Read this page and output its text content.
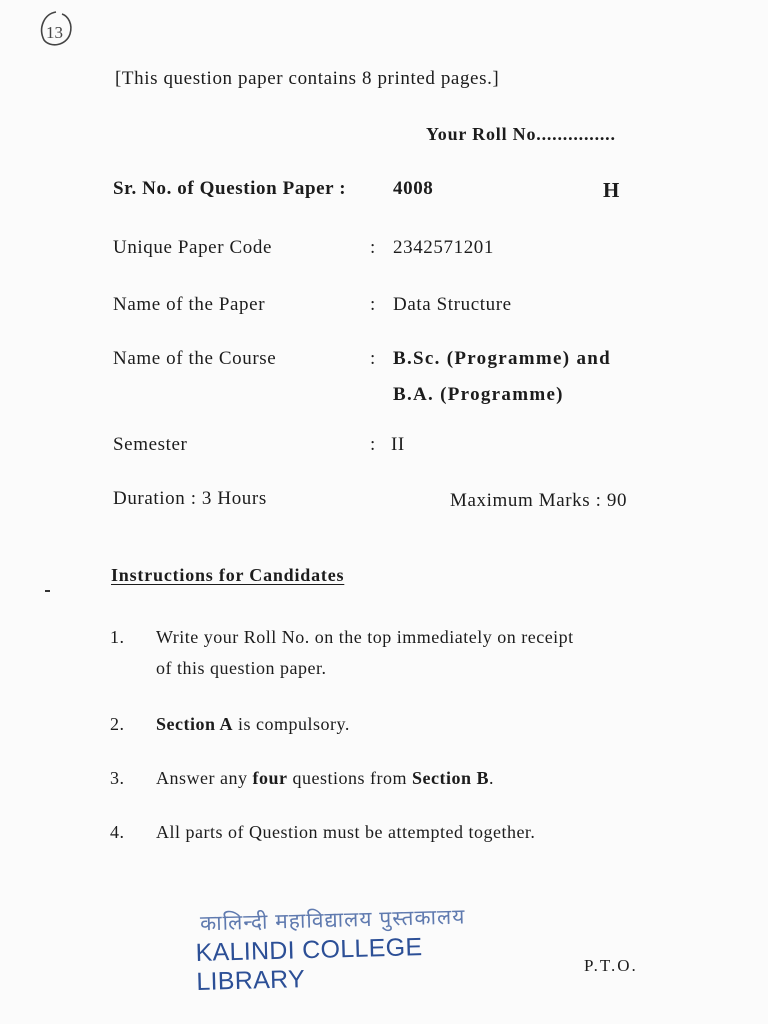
13
[This question paper contains 8 printed pages.]
Your Roll No...............
Sr. No. of Question Paper : 4008	H
Unique Paper Code	: 2342571201
Name of the Paper	: Data Structure
Name of the Course	: B.Sc. (Programme) and
B.A. (Programme)
Semester	: II
Duration : 3 Hours	Maximum Marks : 90
Instructions for Candidates
1.	Write your Roll No. on the top immediately on receipt
of this question paper.
2.	Section A is compulsory.
3.	Answer any four questions from Section B.
4.	All parts of Question must be attempted together.
कालिन्दी महाविद्यालय पुस्तकालय
KALINDI COLLEGE LIBRARY	P.T.O.
